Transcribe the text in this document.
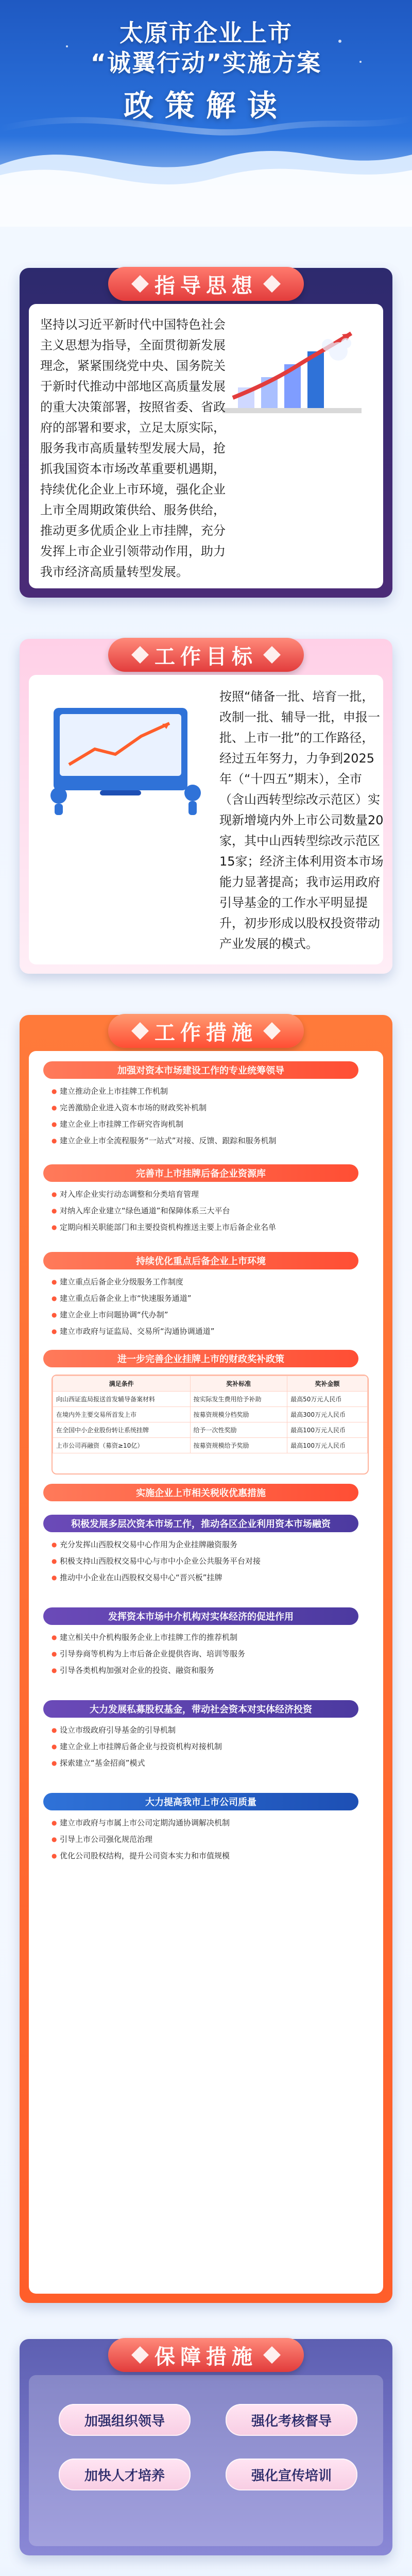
太原市企业上市
“诚翼行动”实施方案
政策解读
指导思想
坚持以习近平新时代中国特色社会主义思想为指导，全面贯彻新发展理念，紧紧围绕党中央、国务院关于新时代推动中部地区高质量发展的重大决策部署，按照省委、省政府的部署和要求，立足太原实际，服务我市高质量转型发展大局，抢抓我国资本市场改革重要机遇期，持续优化企业上市环境，强化企业上市全周期政策供给、服务供给，推动更多优质企业上市挂牌，充分发挥上市企业引领带动作用，助力我市经济高质量转型发展。
工作目标
按照“储备一批、培育一批，改制一批、辅导一批，申报一批、上市一批”的工作路径，经过五年努力，力争到2025年（“十四五”期末），全市（含山西转型综改示范区）实现新增境内外上市公司数量20家，其中山西转型综改示范区15家；经济主体利用资本市场能力显著提高；我市运用政府引导基金的工作水平明显提升，初步形成以股权投资带动产业发展的模式。
工作措施
加强对资本市场建设工作的专业统筹领导
● 建立推动企业上市挂牌工作机制
● 完善激励企业进入资本市场的财政奖补机制
● 建立企业上市挂牌工作研究咨询机制
● 建立企业上市全流程服务“一站式”对接、反馈、跟踪和服务机制
完善市上市挂牌后备企业资源库
● 对入库企业实行动态调整和分类培育管理
● 对纳入库企业建立“绿色通道”和保障体系三大平台
● 定期向相关职能部门和主要投资机构推送主要上市后备企业名单
持续优化重点后备企业上市环境
● 建立重点后备企业分级服务工作制度
● 建立重点后备企业上市“快速服务通道”
● 建立企业上市问题协调“代办制”
● 建立市政府与证监局、交易所“沟通协调通道”
进一步完善企业挂牌上市的财政奖补政策
满足条件	奖补标准	奖补金额
向山西证监局报送首发辅导备案材料	按实际发生费用给予补助	最高50万元人民币
在境内外主要交易所首发上市	按募资规模分档奖励	最高300万元人民币
在全国中小企业股份转让系统挂牌	给予一次性奖励	最高100万元人民币
上市公司再融资（募资≥10亿）	按募资规模给予奖励	最高100万元人民币
实施企业上市相关税收优惠措施
积极发展多层次资本市场工作，推动各区企业利用资本市场融资
● 充分发挥山西股权交易中心作用为企业挂牌融资服务
● 积极支持山西股权交易中心与市中小企业公共服务平台对接
● 推动中小企业在山西股权交易中心“晋兴板”挂牌
发挥资本市场中介机构对实体经济的促进作用
● 建立相关中介机构服务企业上市挂牌工作的推荐机制
● 引导券商等机构为上市后备企业提供咨询、培训等服务
● 引导各类机构加强对企业的投资、融资和服务
大力发展私募股权基金，带动社会资本对实体经济投资
● 设立市级政府引导基金的引导机制
● 建立企业上市挂牌后备企业与投资机构对接机制
● 探索建立“基金招商”模式
大力提高我市上市公司质量
● 建立市政府与市属上市公司定期沟通协调解决机制
● 引导上市公司强化规范治理
● 优化公司股权结构，提升公司资本实力和市值规模
保障措施
加强组织领导	强化考核督导
加快人才培养	强化宣传培训
